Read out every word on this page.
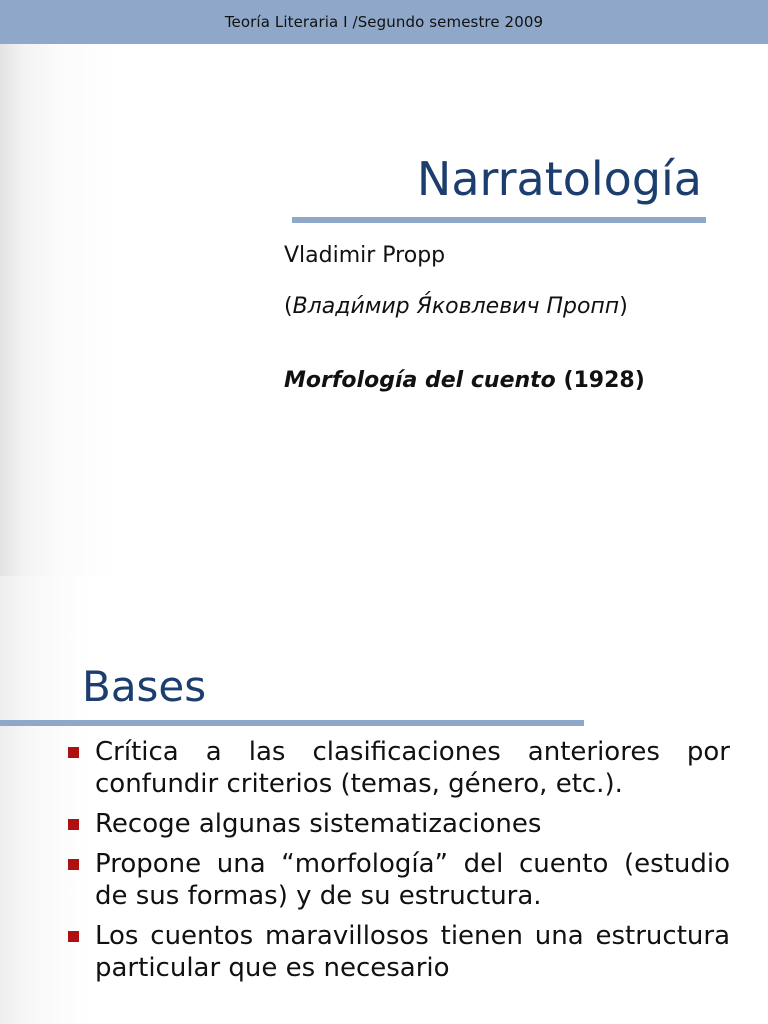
Teoría Literaria I /Segundo semestre 2009
Narratología

Vladimir Propp

(Влади́мир Я́ковлевич Пропп)

Morfología del cuento (1928)

Bases
Crítica a las clasificaciones anteriores por confundir criterios (temas, género, etc.).
Recoge algunas sistematizaciones
Propone una “morfología” del cuento (estudio de sus formas) y de su estructura.
Los cuentos maravillosos tienen una estructura particular que es necesario
